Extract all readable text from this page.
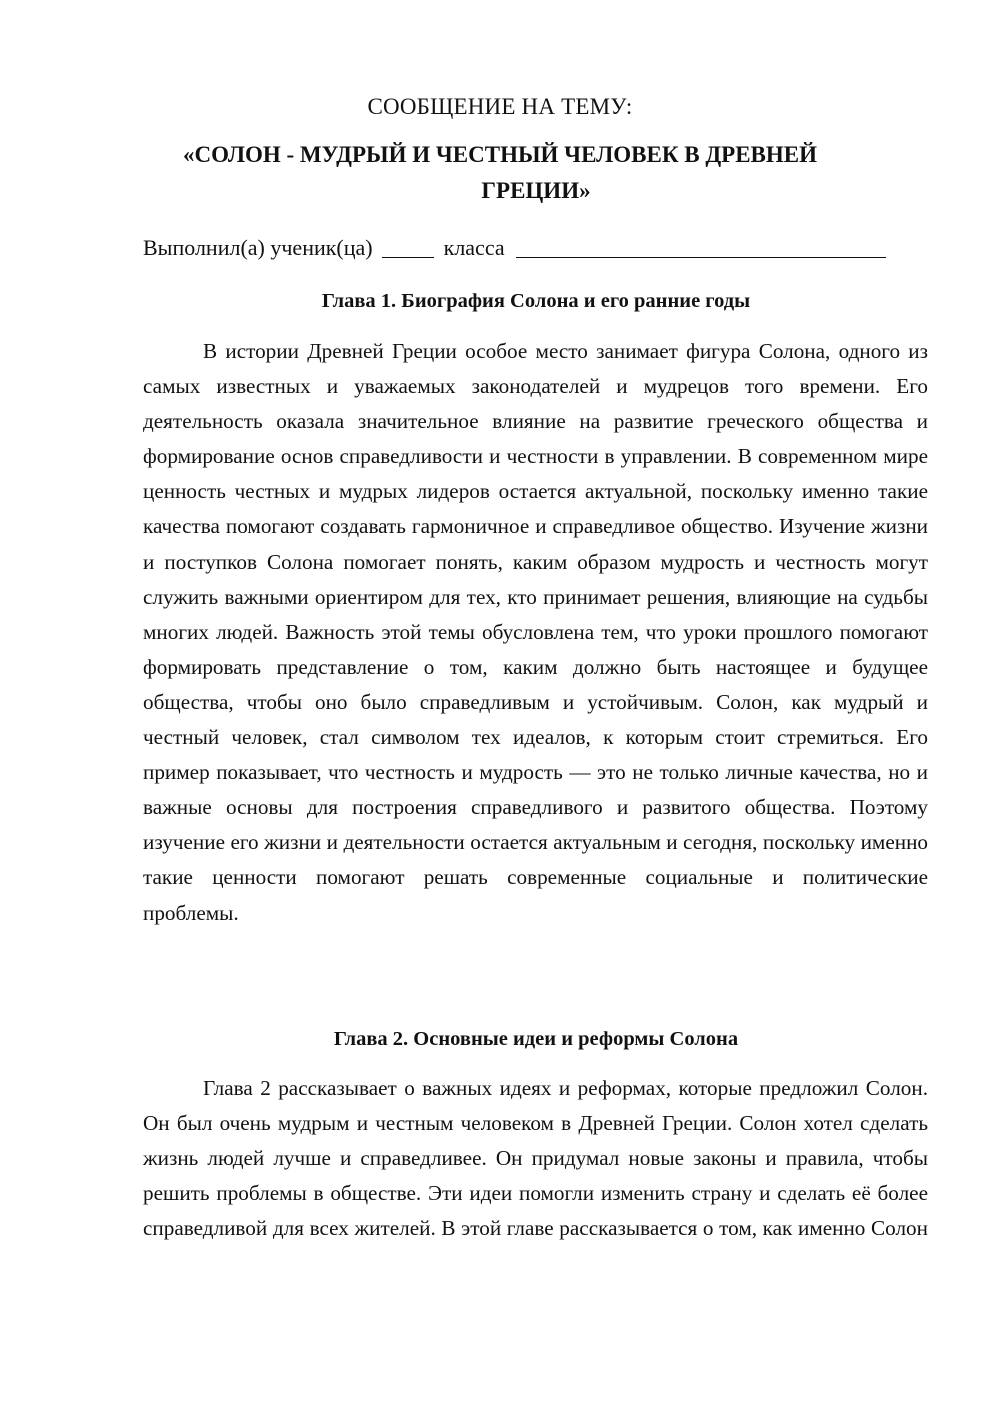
СООБЩЕНИЕ НА ТЕМУ:
«СОЛОН - МУДРЫЙ И ЧЕСТНЫЙ ЧЕЛОВЕК В ДРЕВНЕЙ
ГРЕЦИИ»
Выполнил(а) ученик(ца)	класса
Глава 1. Биография Солона и его ранние годы

В истории Древней Греции особое место занимает фигура Солона, одного из самых известных и уважаемых законодателей и мудрецов того времени. Его деятельность оказала значительное влияние на развитие греческого общества и формирование основ справедливости и честности в управлении. В современном мире ценность честных и мудрых лидеров остается актуальной, поскольку именно такие качества помогают создавать гармоничное и справедливое общество. Изучение жизни и поступков Солона помогает понять, каким образом мудрость и честность могут служить важными ориентиром для тех, кто принимает решения, влияющие на судьбы многих людей. Важность этой темы обусловлена тем, что уроки прошлого помогают формировать представление о том, каким должно быть настоящее и будущее общества, чтобы оно было справедливым и устойчивым. Солон, как мудрый и честный человек, стал символом тех идеалов, к которым стоит стремиться. Его пример показывает, что честность и мудрость — это не только личные качества, но и важные основы для построения справедливого и развитого общества. Поэтому изучение его жизни и деятельности остается актуальным и сегодня, поскольку именно такие ценности помогают решать современные социальные и политические проблемы.

Глава 2. Основные идеи и реформы Солона

Глава 2 рассказывает о важных идеях и реформах, которые предложил Солон. Он был очень мудрым и честным человеком в Древней Греции. Солон хотел сделать жизнь людей лучше и справедливее. Он придумал новые законы и правила, чтобы решить проблемы в обществе. Эти идеи помогли изменить страну и сделать её более справедливой для всех жителей. В этой главе рассказывается о том, как именно Солон
